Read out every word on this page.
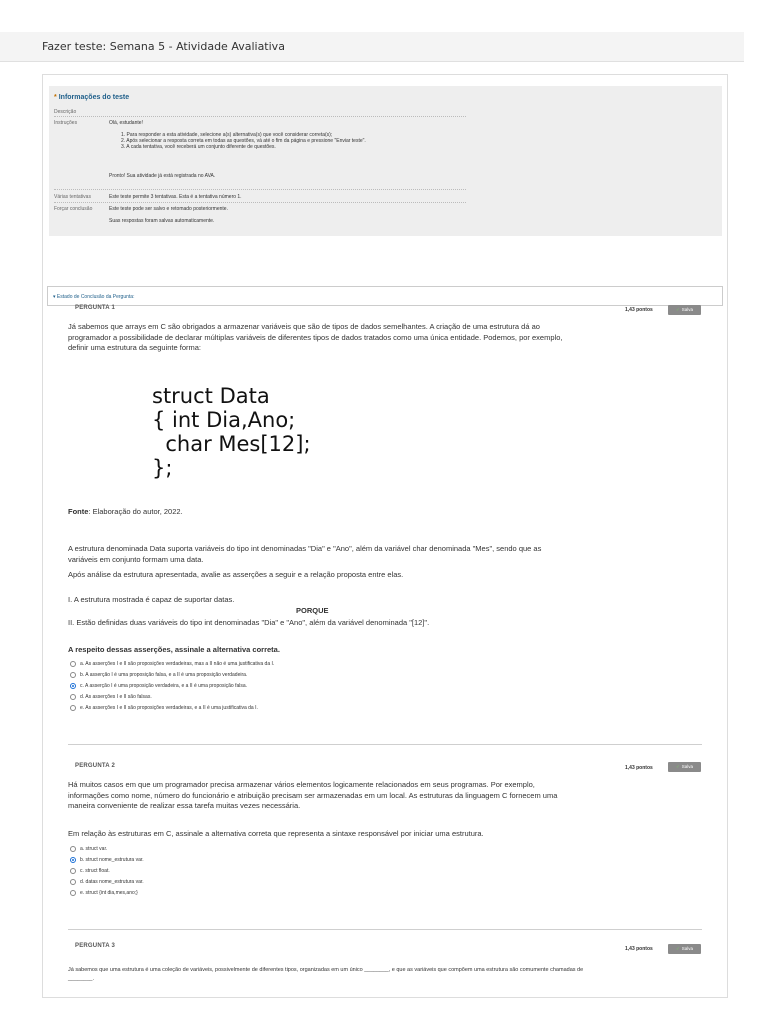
Fazer teste: Semana 5 - Atividade Avaliativa
* Informações do teste
Descrição
Instruções	Olá, estudante!
1. Para responder a esta atividade, selecione a(s) alternativa(s) que você considerar correta(s);
2. Após selecionar a resposta correta em todas as questões, vá até o fim da página e pressione "Enviar teste".
3. A cada tentativa, você receberá um conjunto diferente de questões.
Pronto! Sua atividade já está registrada no AVA.
Várias tentativas	Este teste permite 3 tentativas. Esta é a tentativa número 1.
Forçar conclusão	Este teste pode ser salvo e retomado posteriormente.
Suas respostas foram salvas automaticamente.
▾ Estado de Conclusão da Pergunta:
PERGUNTA 1	1,43 pontos	✓ Salva
Já sabemos que arrays em C são obrigados a armazenar variáveis que são de tipos de dados semelhantes. A criação de uma estrutura dá ao programador a possibilidade de declarar múltiplas variáveis de diferentes tipos de dados tratados como uma única entidade. Podemos, por exemplo, definir uma estrutura da seguinte forma:
struct Data
{ int Dia,Ano;
char Mes[12];
};
Fonte: Elaboração do autor, 2022.
A estrutura denominada Data suporta variáveis do tipo int denominadas "Dia" e "Ano", além da variável char denominada "Mes", sendo que as variáveis em conjunto formam uma data.
Após análise da estrutura apresentada, avalie as asserções a seguir e a relação proposta entre elas.
I. A estrutura mostrada é capaz de suportar datas.
PORQUE
II. Estão definidas duas variáveis do tipo int denominadas "Dia" e "Ano", além da variável denominada "[12]".
A respeito dessas asserções, assinale a alternativa correta.
a. As asserções I e II são proposições verdadeiras, mas a II não é uma justificativa da I.
b. A asserção I é uma proposição falsa, e a II é uma proposição verdadeira.
c. A asserção I é uma proposição verdadeira, e a II é uma proposição falsa.
d. As asserções I e II são falsas.
e. As asserções I e II são proposições verdadeiras, e a II é uma justificativa da I.
PERGUNTA 2	1,43 pontos	✓ Salva
Há muitos casos em que um programador precisa armazenar vários elementos logicamente relacionados em seus programas. Por exemplo, informações como nome, número do funcionário e atribuição precisam ser armazenadas em um local. As estruturas da linguagem C fornecem uma maneira conveniente de realizar essa tarefa muitas vezes necessária.
Em relação às estruturas em C, assinale a alternativa correta que representa a sintaxe responsável por iniciar uma estrutura.
a. struct var.
b. struct nome_estrutura var.
c. struct float.
d. datas nome_estrutura var.
e. struct {int dia,mes,ano;}
PERGUNTA 3	1,43 pontos	✓ Salva
Já sabemos que uma estrutura é uma coleção de variáveis, possivelmente de diferentes tipos, organizadas em um único ________, e que as variáveis que compõem uma estrutura são comumente chamadas de ________.
